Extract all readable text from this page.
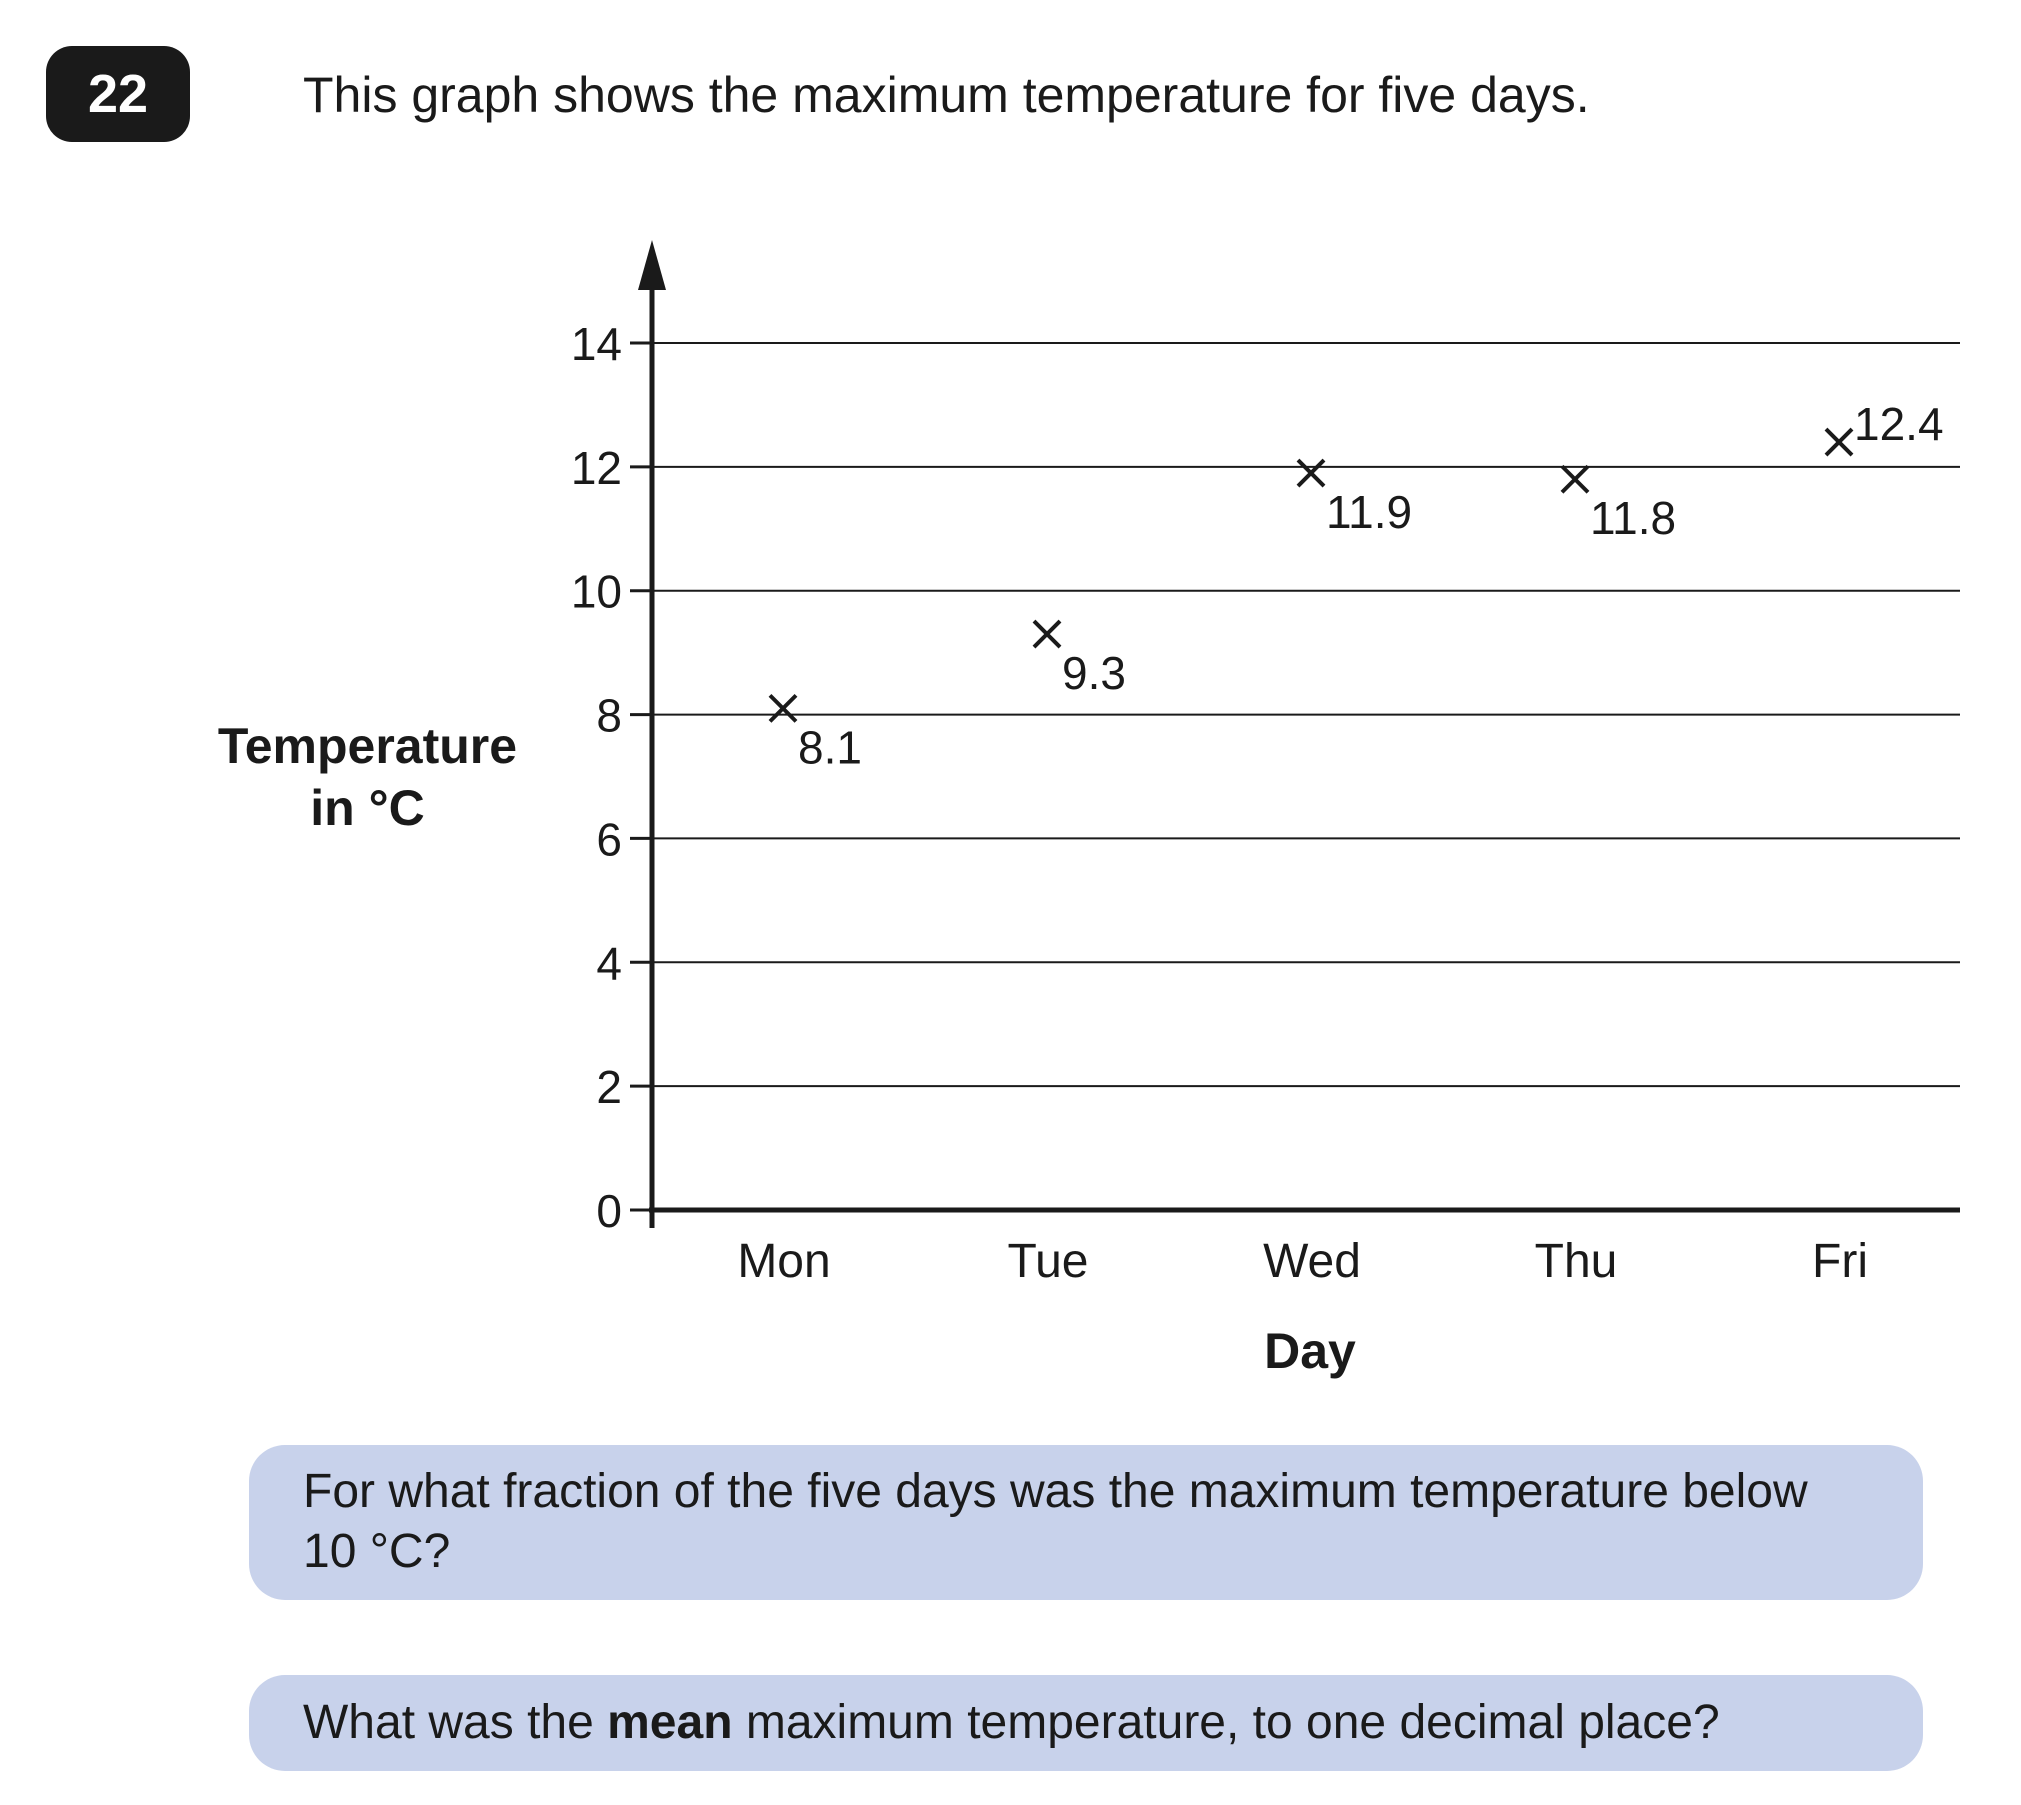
22	This graph shows the maximum temperature for five days.
0
2
4
6
8
10
12
14
Mon	Tue	Wed	Thu	Fri
8.1
9.3
11.9	11.8
12.4
Temperature
in °C
Day
For what fraction of the five days was the maximum temperature below 10 °C?
What was the mean maximum temperature, to one decimal place?
